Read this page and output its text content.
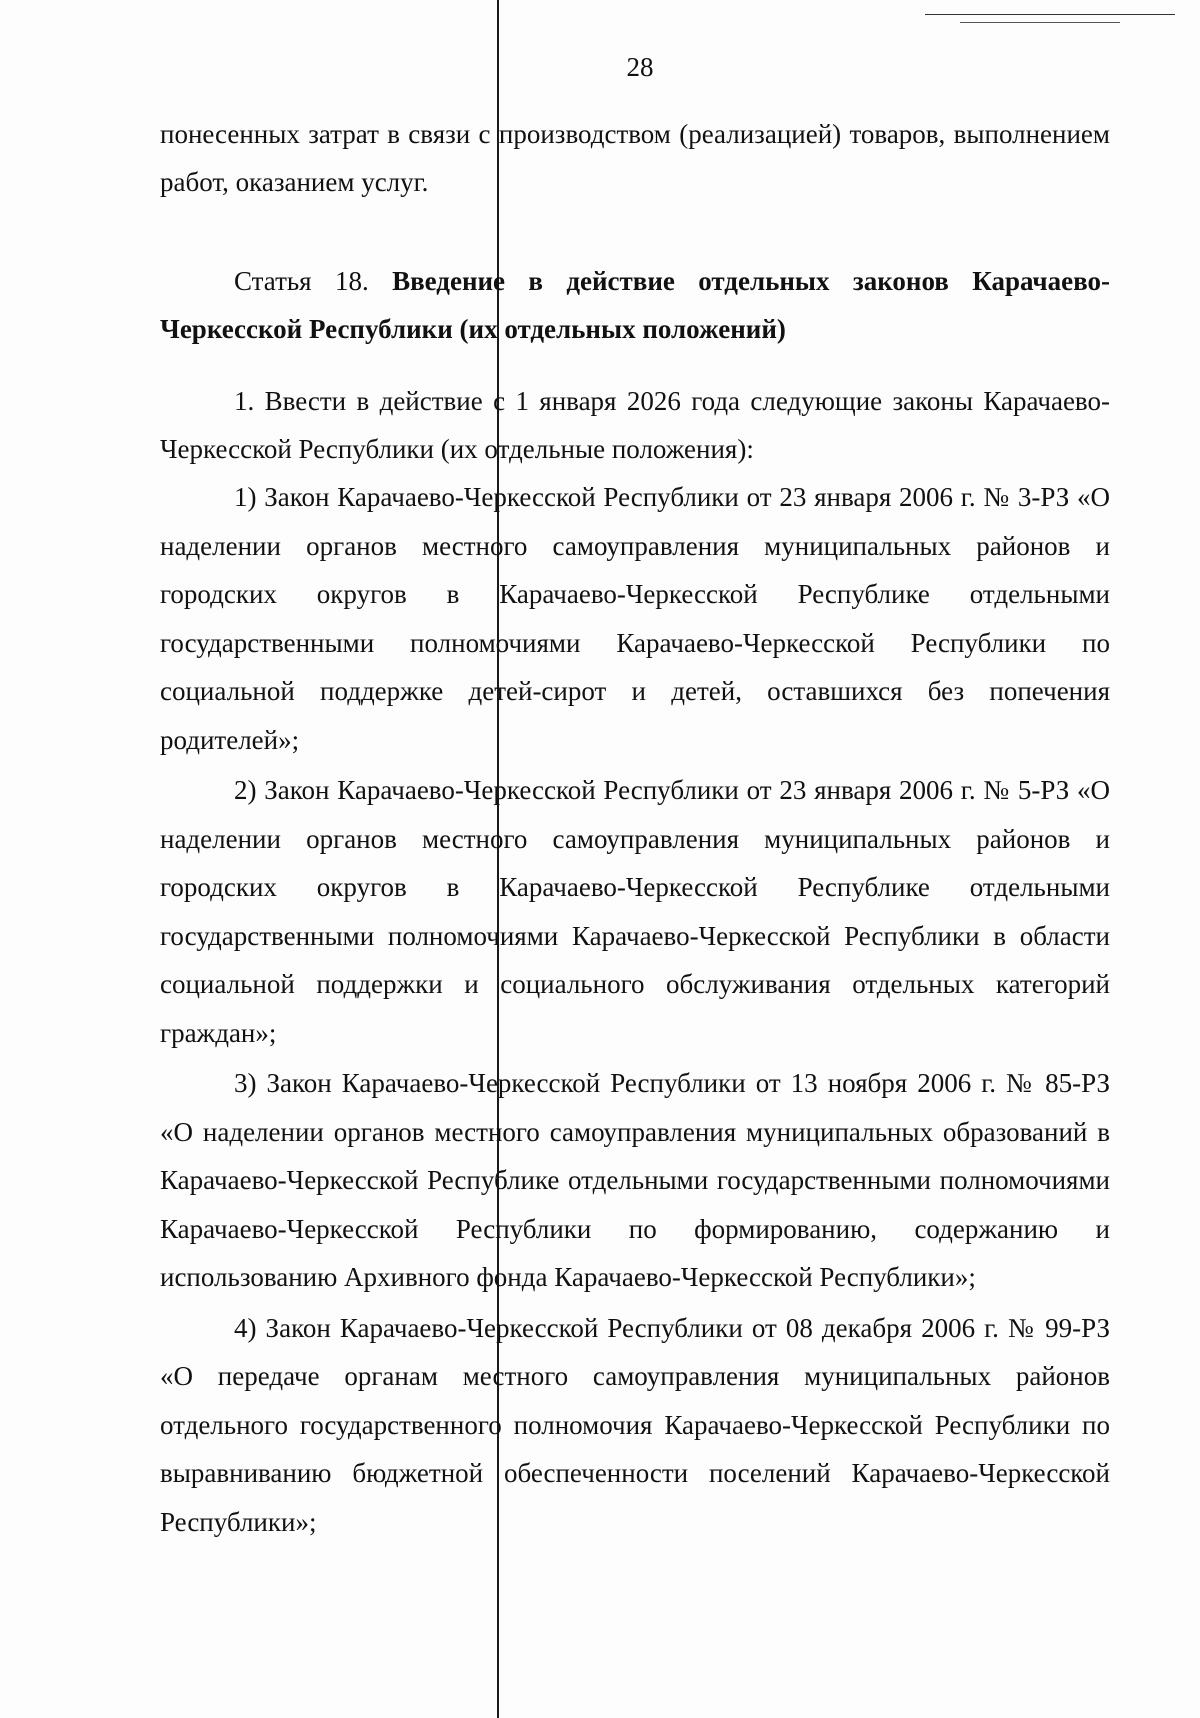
28

понесенных затрат в связи с производством (реализацией) товаров, выполнением работ, оказанием услуг.

Статья 18. Введение в действие отдельных законов Карачаево-Черкесской Республики (их отдельных положений)

1. Ввести в действие с 1 января 2026 года следующие законы Карачаево-Черкесской Республики (их отдельные положения):

1) Закон Карачаево-Черкесской Республики от 23 января 2006 г. № 3-РЗ «О наделении органов местного самоуправления муниципальных районов и городских округов в Карачаево-Черкесской Республике отдельными государственными полномочиями Карачаево-Черкесской Республики по социальной поддержке детей-сирот и детей, оставшихся без попечения родителей»;

2) Закон Карачаево-Черкесской Республики от 23 января 2006 г. № 5-РЗ «О наделении органов местного самоуправления муниципальных районов и городских округов в Карачаево-Черкесской Республике отдельными государственными полномочиями Карачаево-Черкесской Республики в области социальной поддержки и социального обслуживания отдельных категорий граждан»;

3) Закон Карачаево-Черкесской Республики от 13 ноября 2006 г. № 85-РЗ «О наделении органов местного самоуправления муниципальных образований в Карачаево-Черкесской Республике отдельными государственными полномочиями Карачаево-Черкесской Республики по формированию, содержанию и использованию Архивного фонда Карачаево-Черкесской Республики»;

4) Закон Карачаево-Черкесской Республики от 08 декабря 2006 г. № 99-РЗ «О передаче органам местного самоуправления муниципальных районов отдельного государственного полномочия Карачаево-Черкесской Республики по выравниванию бюджетной обеспеченности поселений Карачаево-Черкесской Республики»;
